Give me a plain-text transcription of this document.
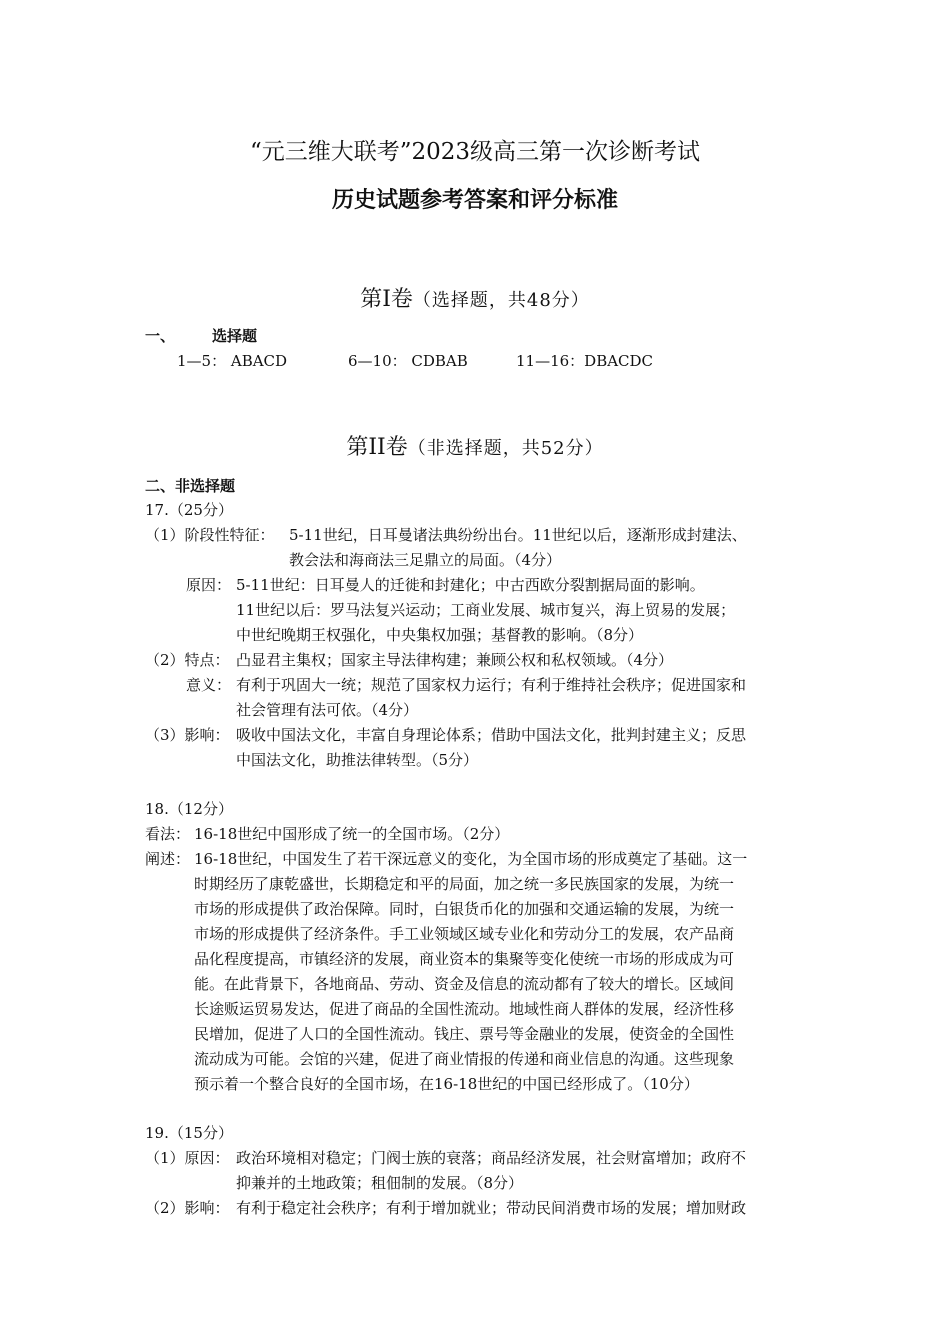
“元三维大联考”2023级高三第一次诊断考试
历史试题参考答案和评分标准
第I卷（选择题，共48分）
一、 选择题
1—5： ABACD	6—10： CDBAB	11—16：DBACDC
第II卷（非选择题，共52分）
二、非选择题
17.（25分）
（1）阶段性特征： 5-11世纪，日耳曼诸法典纷纷出台。11世纪以后，逐渐形成封建法、
教会法和海商法三足鼎立的局面。（4分）
原因： 5-11世纪：日耳曼人的迁徙和封建化；中古西欧分裂割据局面的影响。
11世纪以后：罗马法复兴运动；工商业发展、城市复兴，海上贸易的发展；
中世纪晚期王权强化，中央集权加强；基督教的影响。（8分）
（2）特点： 凸显君主集权；国家主导法律构建；兼顾公权和私权领域。（4分）
意义： 有利于巩固大一统；规范了国家权力运行；有利于维持社会秩序；促进国家和
社会管理有法可依。（4分）
（3）影响： 吸收中国法文化，丰富自身理论体系；借助中国法文化，批判封建主义；反思
中国法文化，助推法律转型。（5分）
18.（12分）
看法： 16-18世纪中国形成了统一的全国市场。（2分）
阐述： 16-18世纪，中国发生了若干深远意义的变化，为全国市场的形成奠定了基础。这一
时期经历了康乾盛世，长期稳定和平的局面，加之统一多民族国家的发展，为统一
市场的形成提供了政治保障。同时，白银货币化的加强和交通运输的发展，为统一
市场的形成提供了经济条件。手工业领域区域专业化和劳动分工的发展，农产品商
品化程度提高，市镇经济的发展，商业资本的集聚等变化使统一市场的形成成为可
能。在此背景下，各地商品、劳动、资金及信息的流动都有了较大的增长。区域间
长途贩运贸易发达，促进了商品的全国性流动。地域性商人群体的发展，经济性移
民增加，促进了人口的全国性流动。钱庄、票号等金融业的发展，使资金的全国性
流动成为可能。会馆的兴建，促进了商业情报的传递和商业信息的沟通。这些现象
预示着一个整合良好的全国市场，在16-18世纪的中国已经形成了。（10分）
19.（15分）
（1）原因： 政治环境相对稳定；门阀士族的衰落；商品经济发展，社会财富增加；政府不
抑兼并的土地政策；租佃制的发展。（8分）
（2）影响： 有利于稳定社会秩序；有利于增加就业；带动民间消费市场的发展；增加财政
